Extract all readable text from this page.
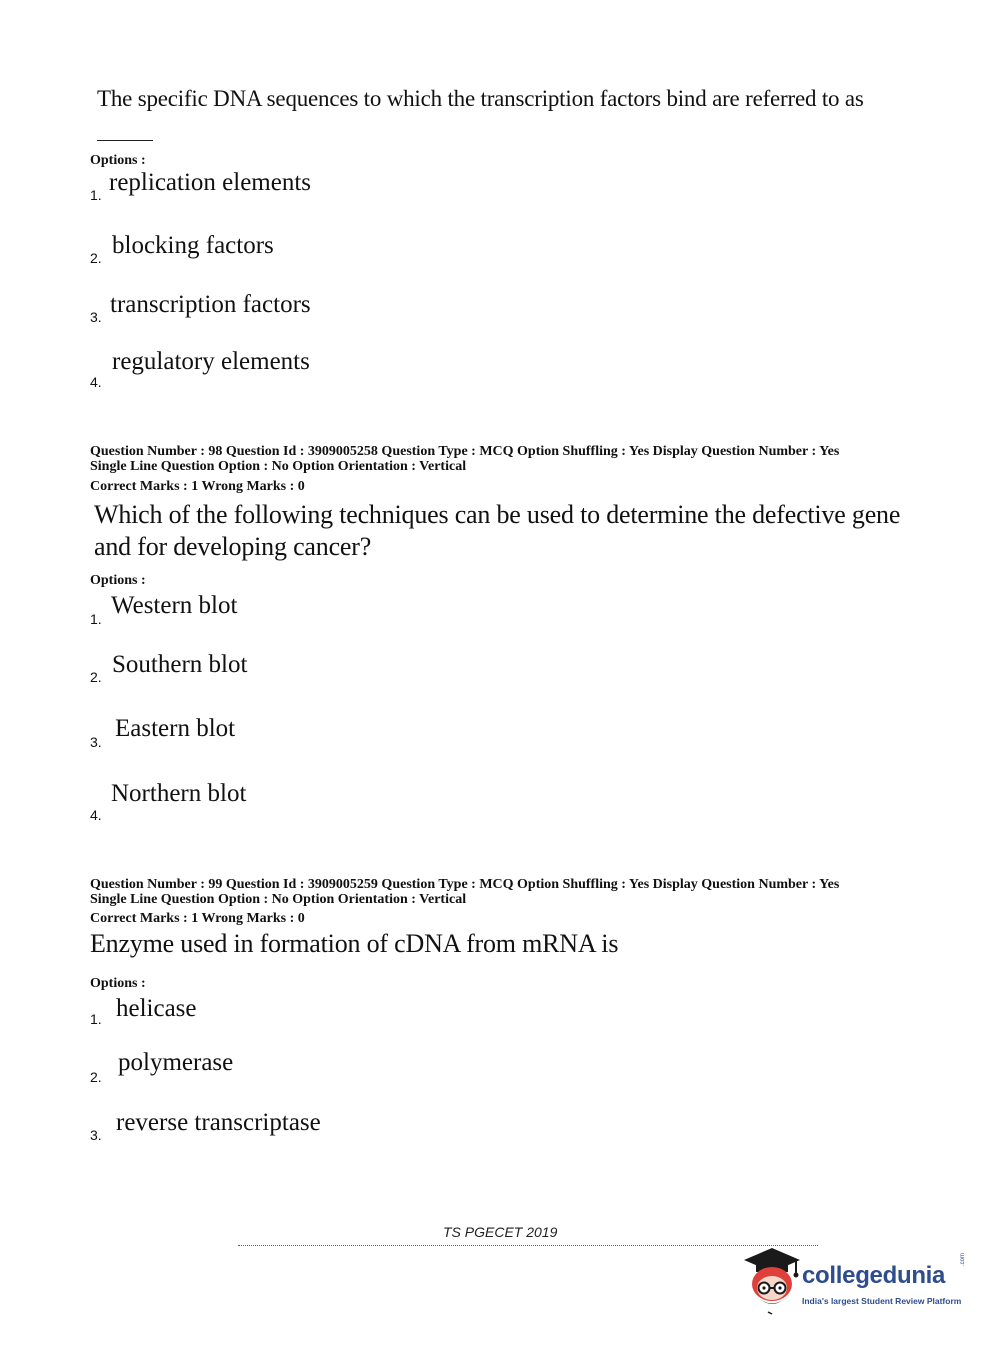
The specific DNA sequences to which the transcription factors bind are referred to as
Options :
1. replication elements
2. blocking factors
3. transcription factors
4.
regulatory elements
Question Number : 98 Question Id : 3909005258 Question Type : MCQ Option Shuffling : Yes Display Question Number : Yes
Single Line Question Option : No Option Orientation : Vertical
Correct Marks : 1 Wrong Marks : 0
Which of the following techniques can be used to determine the defective gene and for developing cancer?
Options :
1. Western blot
2. Southern blot
3. Eastern blot
4.
Northern blot
Question Number : 99 Question Id : 3909005259 Question Type : MCQ Option Shuffling : Yes Display Question Number : Yes
Single Line Question Option : No Option Orientation : Vertical
Correct Marks : 1 Wrong Marks : 0
Enzyme used in formation of cDNA from mRNA is
Options :
1. helicase
2.
polymerase
3. reverse transcriptase
TS PGECET 2019
collegedunia
.com
India's largest Student Review Platform
